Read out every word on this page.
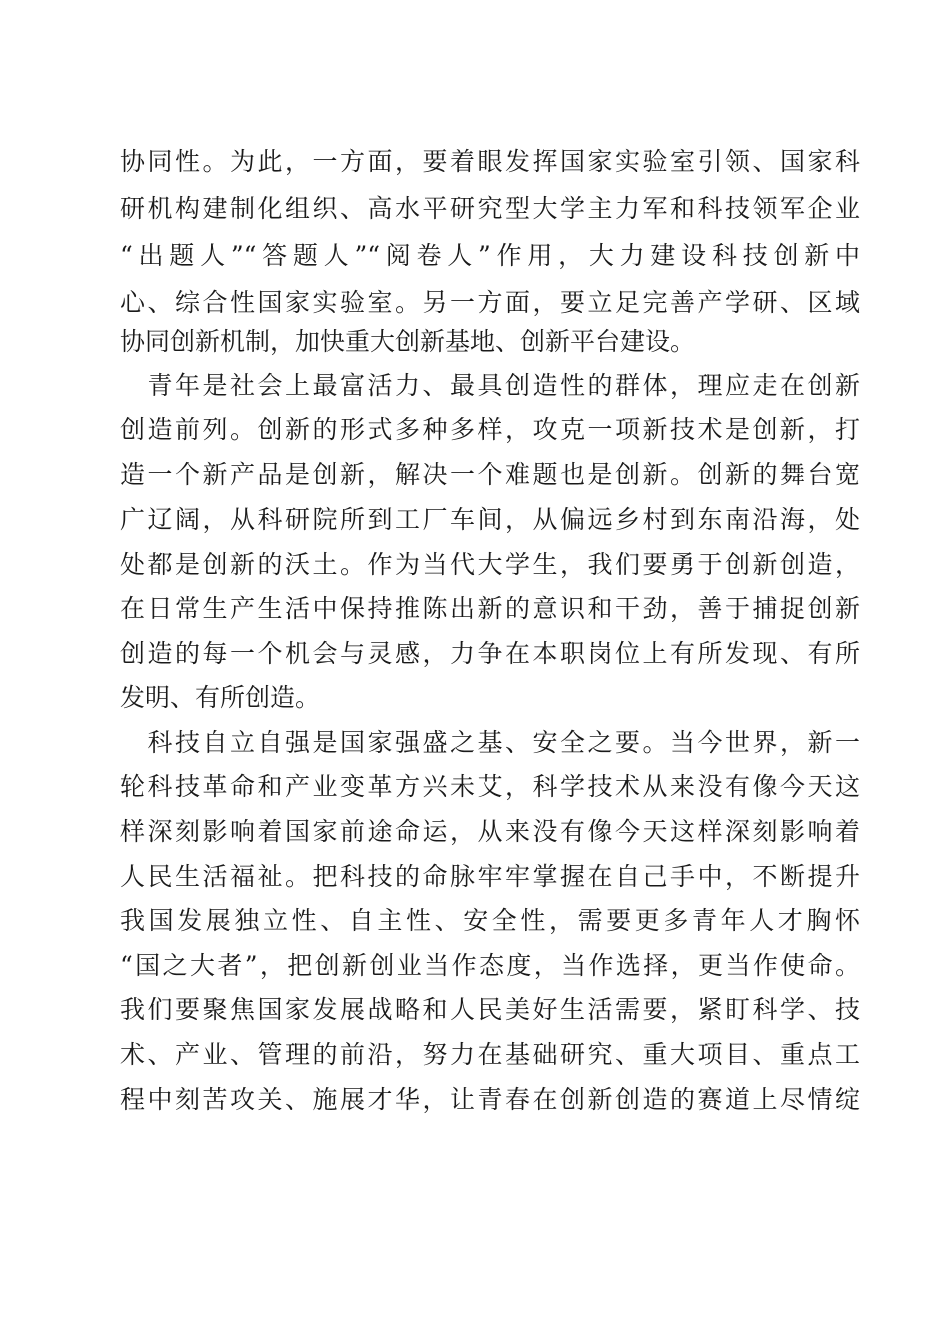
协同性。为此，一方面，要着眼发挥国家实验室引领、国家科

研机构建制化组织、高水平研究型大学主力军和科技领军企业

“出题人”“答题人”“阅卷人”作用，大力建设科技创新中

心、综合性国家实验室。另一方面，要立足完善产学研、区域

协同创新机制，加快重大创新基地、创新平台建设。

　青年是社会上最富活力、最具创造性的群体，理应走在创新

创造前列。创新的形式多种多样，攻克一项新技术是创新，打

造一个新产品是创新，解决一个难题也是创新。创新的舞台宽

广辽阔，从科研院所到工厂车间，从偏远乡村到东南沿海，处

处都是创新的沃土。作为当代大学生，我们要勇于创新创造，

在日常生产生活中保持推陈出新的意识和干劲，善于捕捉创新

创造的每一个机会与灵感，力争在本职岗位上有所发现、有所

发明、有所创造。

　科技自立自强是国家强盛之基、安全之要。当今世界，新一

轮科技革命和产业变革方兴未艾，科学技术从来没有像今天这

样深刻影响着国家前途命运，从来没有像今天这样深刻影响着

人民生活福祉。把科技的命脉牢牢掌握在自己手中，不断提升

我国发展独立性、自主性、安全性，需要更多青年人才胸怀

“国之大者”，把创新创业当作态度，当作选择，更当作使命。

我们要聚焦国家发展战略和人民美好生活需要，紧盯科学、技

术、产业、管理的前沿，努力在基础研究、重大项目、重点工

程中刻苦攻关、施展才华，让青春在创新创造的赛道上尽情绽
